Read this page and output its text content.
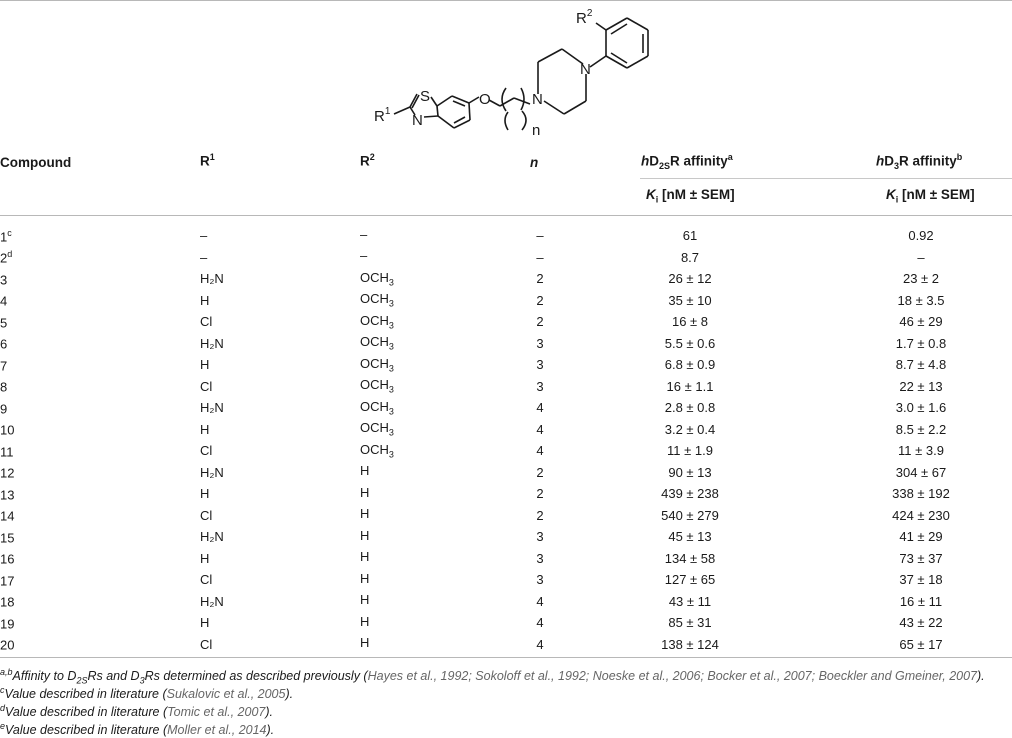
$R^1$
S
N
O	N
N
n
$R^2$
Compound	$R^1$	$R^2$	n	$hD_{2S}R$ affinity$^a$	$hD_3R$ affinity$^b$
$K_i$ [nM ± SEM]	$K_i$ [nM ± SEM]
1$^c$	–	–	–	61	0.92
2$^d$	–	–	–	8.7	–
3	H₂N	$OCH_3$	2	26 ± 12	23 ± 2
4	H	$OCH_3$	2	35 ± 10	18 ± 3.5
5	Cl	$OCH_3$	2	16 ± 8	46 ± 29
6	H₂N	$OCH_3$	3	5.5 ± 0.6	1.7 ± 0.8
7	H	$OCH_3$	3	6.8 ± 0.9	8.7 ± 4.8
8	Cl	$OCH_3$	3	16 ± 1.1	22 ± 13
9	H₂N	$OCH_3$	4	2.8 ± 0.8	3.0 ± 1.6
10	H	$OCH_3$	4	3.2 ± 0.4	8.5 ± 2.2
11	Cl	$OCH_3$	4	11 ± 1.9	11 ± 3.9
12	H₂N	H	2	90 ± 13	304 ± 67
13	H	H	2	439 ± 238	338 ± 192
14	Cl	H	2	540 ± 279	424 ± 230
15	H₂N	H	3	45 ± 13	41 ± 29
16	H	H	3	134 ± 58	73 ± 37
17	Cl	H	3	127 ± 65	37 ± 18
18	H₂N	H	4	43 ± 11	16 ± 11
19	H	H	4	85 ± 31	43 ± 22
20	Cl	H	4	138 ± 124	65 ± 17
$^{a,b}$Affinity to $D_{2S}Rs$ and $D_3Rs$ determined as described previously (Hayes et al., 1992; Sokoloff et al., 1992; Noeske et al., 2006; Bocker et al., 2007; Boeckler and Gmeiner, 2007).
$^c$Value described in literature (Sukalovic et al., 2005).
$^d$Value described in literature (Tomic et al., 2007).
$^e$Value described in literature (Moller et al., 2014).
